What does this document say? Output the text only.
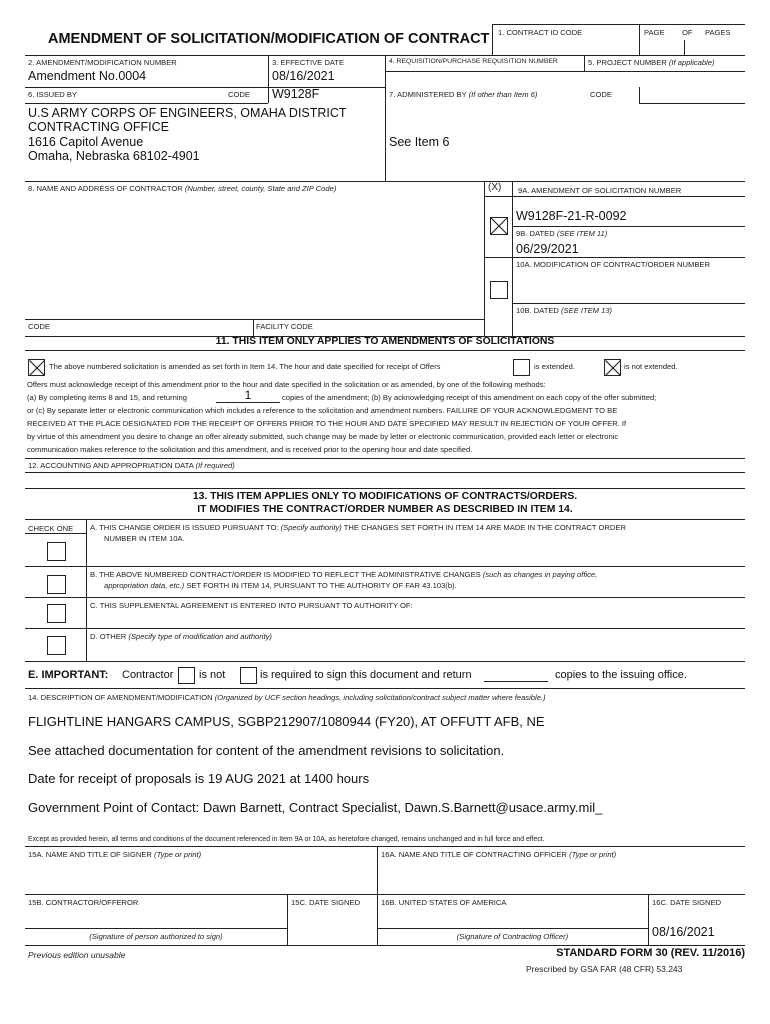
AMENDMENT OF SOLICITATION/MODIFICATION OF CONTRACT 1. CONTRACT ID CODE	PAGE OF PAGES
2. AMENDMENT/MODIFICATION NUMBER
Amendment No.0004
3. EFFECTIVE DATE
08/16/2021
4. REQUISITION/PURCHASE REQUISITION NUMBER	5. PROJECT NUMBER (If applicable)
6. ISSUED BY	CODE W9128F	7. ADMINISTERED BY (If other than Item 6)	CODE
U.S ARMY CORPS OF ENGINEERS, OMAHA DISTRICT
CONTRACTING OFFICE
1616 Capitol Avenue
Omaha, Nebraska 68102-4901
See Item 6
8. NAME AND ADDRESS OF CONTRACTOR (Number, street, county, State and ZIP Code)	(X) 9A. AMENDMENT OF SOLICITATION NUMBER
W9128F-21-R-0092
9B. DATED (SEE ITEM 11)
06/29/2021
10A. MODIFICATION OF CONTRACT/ORDER NUMBER
10B. DATED (SEE ITEM 13)
CODE	FACILITY CODE
11. THIS ITEM ONLY APPLIES TO AMENDMENTS OF SOLICITATIONS
The above numbered solicitation is amended as set forth in Item 14. The hour and date specified for receipt of Offers	is extended.	is not extended.
Offers must acknowledge receipt of this amendment prior to the hour and date specified in the solicitation or as amended, by one of the following methods:
(a) By completing items 8 and 15, and returning	1	copies of the amendment; (b) By acknowledging receipt of this amendment on each copy of the offer submitted;
or (c) By separate letter or electronic communication which includes a reference to the solicitation and amendment numbers. FAILURE OF YOUR ACKNOWLEDGMENT TO BE
RECEIVED AT THE PLACE DESIGNATED FOR THE RECEIPT OF OFFERS PRIOR TO THE HOUR AND DATE SPECIFIED MAY RESULT IN REJECTION OF YOUR OFFER. If
by virtue of this amendment you desire to change an offer already submitted, such change may be made by letter or electronic communication, provided each letter or electronic
communication makes reference to the solicitation and this amendment, and is received prior to the opening hour and date specified.
12. ACCOUNTING AND APPROPRIATION DATA (If required)
13. THIS ITEM APPLIES ONLY TO MODIFICATIONS OF CONTRACTS/ORDERS.
IT MODIFIES THE CONTRACT/ORDER NUMBER AS DESCRIBED IN ITEM 14.
CHECK ONE A. THIS CHANGE ORDER IS ISSUED PURSUANT TO: (Specify authority) THE CHANGES SET FORTH IN ITEM 14 ARE MADE IN THE CONTRACT ORDER
NUMBER IN ITEM 10A.
B. THE ABOVE NUMBERED CONTRACT/ORDER IS MODIFIED TO REFLECT THE ADMINISTRATIVE CHANGES (such as changes in paying office,
appropriation data, etc.) SET FORTH IN ITEM 14, PURSUANT TO THE AUTHORITY OF FAR 43.103(b).
C. THIS SUPPLEMENTAL AGREEMENT IS ENTERED INTO PURSUANT TO AUTHORITY OF:
D. OTHER (Specify type of modification and authority)
E. IMPORTANT: Contractor is not	is required to sign this document and return	copies to the issuing office.
14. DESCRIPTION OF AMENDMENT/MODIFICATION (Organized by UCF section headings, including solicitation/contract subject matter where feasible.)
FLIGHTLINE HANGARS CAMPUS, SGBP212907/1080944 (FY20), AT OFFUTT AFB, NE
See attached documentation for content of the amendment revisions to solicitation.
Date for receipt of proposals is 19 AUG 2021 at 1400 hours
Government Point of Contact: Dawn Barnett, Contract Specialist, Dawn.S.Barnett@usace.army.mil_
Except as provided herein, all terms and conditions of the document referenced in Item 9A or 10A, as heretofore changed, remains unchanged and in full force and effect.
15A. NAME AND TITLE OF SIGNER (Type or print)	16A. NAME AND TITLE OF CONTRACTING OFFICER (Type or print)
15B. CONTRACTOR/OFFEROR	15C. DATE SIGNED	16B. UNITED STATES OF AMERICA	16C. DATE SIGNED
(Signature of person authorized to sign)	(Signature of Contracting Officer)	08/16/2021
Previous edition unusable	STANDARD FORM 30 (REV. 11/2016)
Prescribed by GSA FAR (48 CFR) 53.243
